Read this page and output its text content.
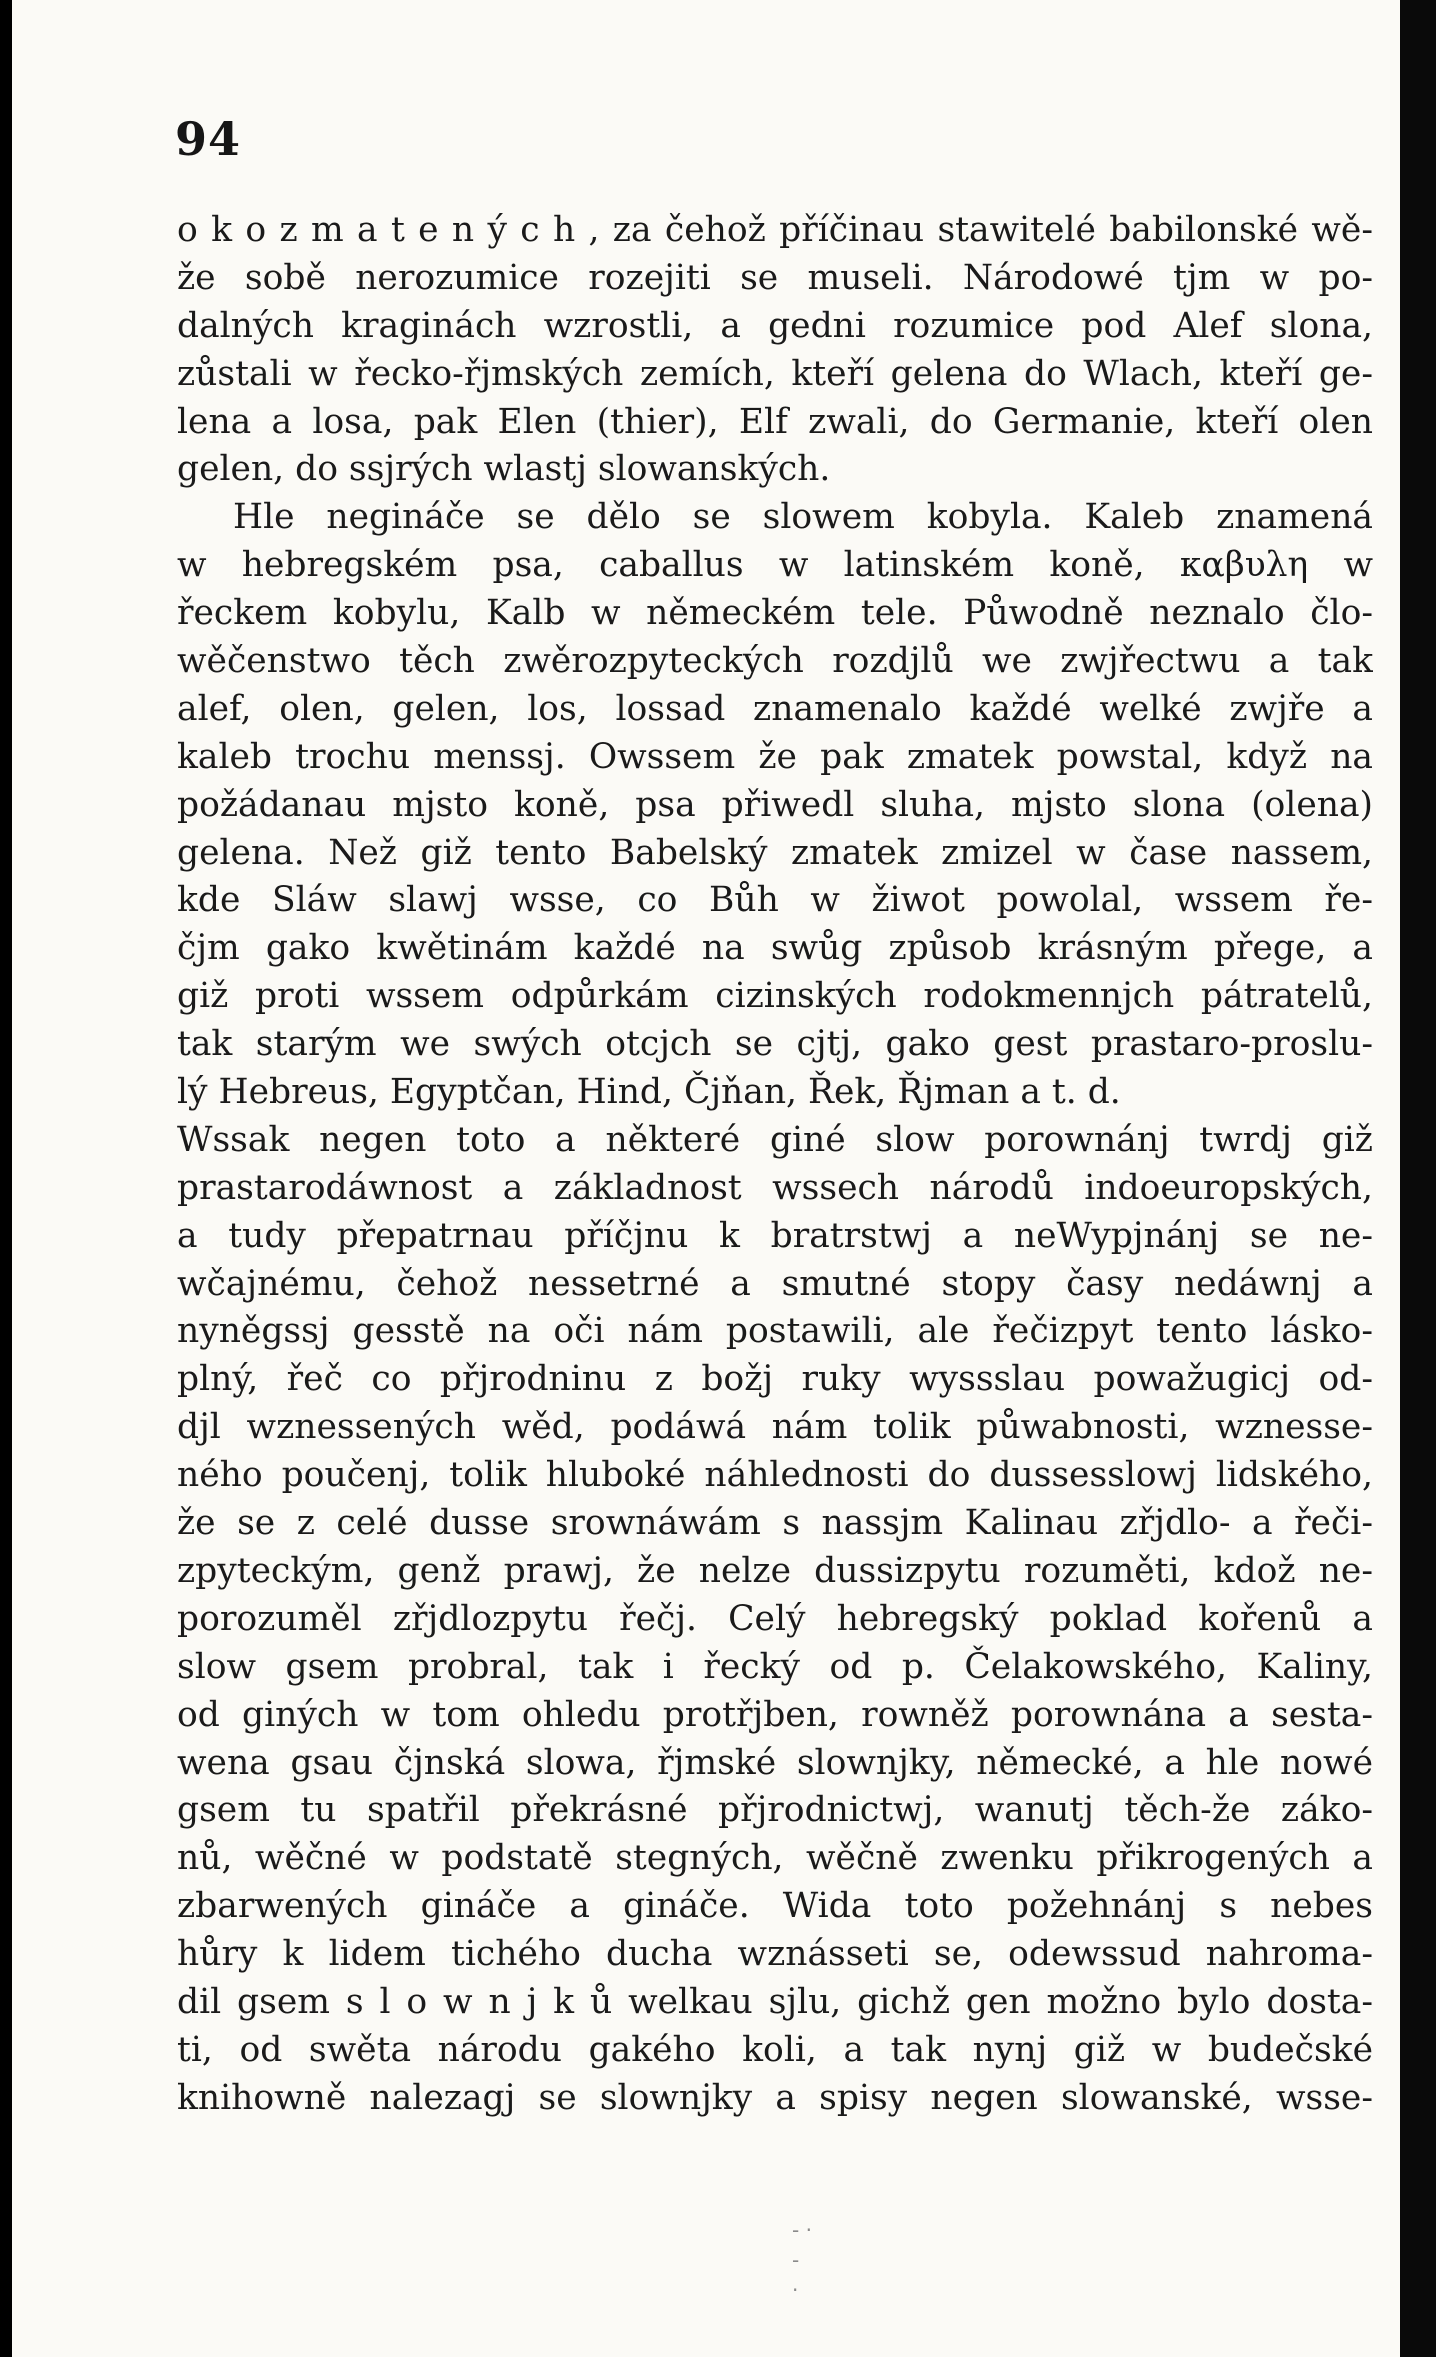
94
o k o z m a t e n ý c h , za čehož příčinau stawitelé babilonské wě-
že sobě nerozumice rozejiti se museli. Národowé tjm w po-
dalných kraginách wzrostli, a gedni rozumice pod Alef slona,
zůstali w řecko-řjmských zemích, kteří gelena do Wlach, kteří ge-
lena a losa, pak Elen (thier), Elf zwali, do Germanie, kteří olen
gelen, do ssjrých wlastj slowanských.
Hle negináče se dělo se slowem kobyla. Kaleb znamená
w hebregském psa, caballus w latinském koně, καβυλη w
řeckem kobylu, Kalb w německém tele. Půwodně neznalo člo-
wěčenstwo těch zwěrozpyteckých rozdjlů we zwjřectwu a tak
alef, olen, gelen, los, lossad znamenalo každé welké zwjře a
kaleb trochu menssj. Owssem že pak zmatek powstal, když na
požádanau mjsto koně, psa přiwedl sluha, mjsto slona (olena)
gelena. Než giž tento Babelský zmatek zmizel w čase nassem,
kde Sláw slawj wsse, co Bůh w žiwot powolal, wssem ře-
čjm gako kwětinám každé na swůg způsob krásným přege, a
giž proti wssem odpůrkám cizinských rodokmennjch pátratelů,
tak starým we swých otcjch se cjtj, gako gest prastaro-proslu-
lý Hebreus, Egyptčan, Hind, Čjňan, Řek, Řjman a t. d.
Wssak negen toto a některé giné slow porownánj twrdj giž
prastarodáwnost a základnost wssech národů indoeuropských,
a tudy přepatrnau příčjnu k bratrstwj a neWypjnánj se ne-
wčajnému, čehož nessetrné a smutné stopy časy nedáwnj a
nyněgssj gesstě na oči nám postawili, ale řečizpyt tento lásko-
plný, řeč co přjrodninu z božj ruky wyssslau powažugicj od-
djl wznessených wěd, podáwá nám tolik půwabnosti, wznesse-
ného poučenj, tolik hluboké náhlednosti do dussesslowj lidského,
že se z celé dusse srownáwám s nassjm Kalinau zřjdlo- a řeči-
zpyteckým, genž prawj, že nelze dussizpytu rozuměti, kdož ne-
porozuměl zřjdlozpytu řečj. Celý hebregský poklad kořenů a
slow gsem probral, tak i řecký od p. Čelakowského, Kaliny,
od giných w tom ohledu protřjben, rowněž porownána a sesta-
wena gsau čjnská slowa, řjmské slownjky, německé, a hle nowé
gsem tu spatřil překrásné přjrodnictwj, wanutj těch-že záko-
nů, wěčné w podstatě stegných, wěčně zwenku přikrogených a
zbarwených gináče a gináče. Wida toto požehnánj s nebes
hůry k lidem tichého ducha wznásseti se, odewssud nahroma-
dil gsem s l o w n j k ů welkau sjlu, gichž gen možno bylo dosta-
ti, od swěta národu gakého koli, a tak nynj giž w budečské
knihowně nalezagj se slownjky a spisy negen slowanské, wsse-
- ·
-
·
